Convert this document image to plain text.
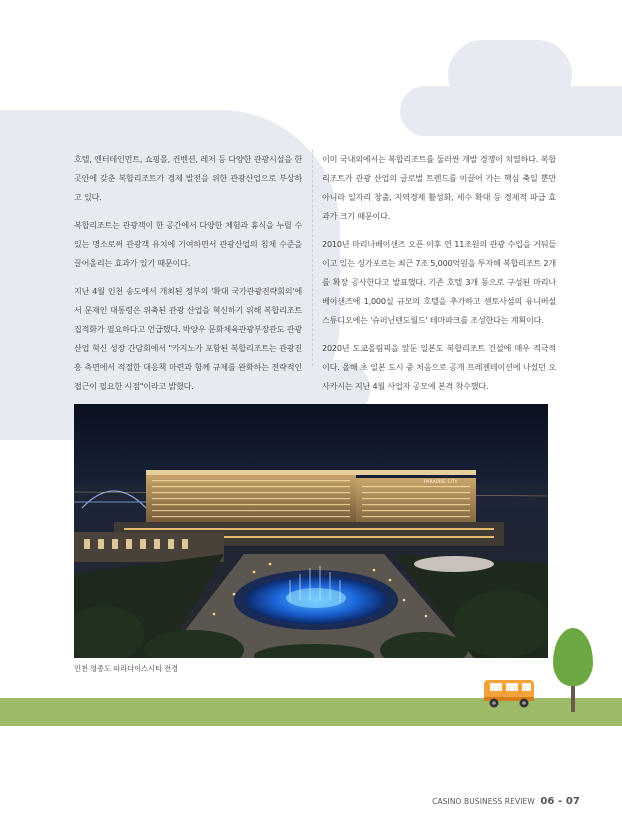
호텔, 엔터테인먼트, 쇼핑몰, 컨벤션, 레저 등 다양한 관광시설을 한 곳안에 갖춘 복합리조트가 경제 발전을 위한 관광산업으로 부상하고 있다.

복합리조트는 관광객이 한 공간에서 다양한 체험과 휴식을 누릴 수 있는 명소로써 관광객 유치에 기여하면서 관광산업의 침체 수준을 끌어올리는 효과가 있기 때문이다.

지난 4월 인천 송도에서 개최된 정부의 '확대 국가관광전략회의'에서 문재인 대통령은 위축된 관광 산업을 혁신하기 위해 복합리조트 집적화가 필요하다고 언급했다. 박양우 문화체육관광부장관도 관광산업 혁신 성장 간담회에서 "카지노가 포함된 복합리조트는 관광진흥 측면에서 적절한 대응책 마련과 함께 규제를 완화하는 전략적인 접근이 필요한 시점"이라고 밝혔다.

이미 국내외에서는 복합리조트를 둘러싼 개발 경쟁이 치열하다. 복합리조트가 관광 산업의 글로벌 트렌드를 이끌어 가는 핵심 축일 뿐만 아니라 일자리 창출, 지역경제 활성화, 세수 확대 등 경제적 파급 효과가 크기 때문이다.

2010년 마리나베이샌즈 오픈 이후 연 11조원의 관광 수입을 거둬들이고 있는 싱가포르는 최근 7조 5,000억원을 투자해 복합리조트 2개를 확장 공사한다고 발표했다. 기존 호텔 3개 동으로 구성된 마리나베이샌즈에 1,000실 규모의 호텔을 추가하고 센토사섬의 유니버설 스튜디오에는 '슈퍼닌텐도월드' 테마파크를 조성한다는 계획이다.

2020년 도쿄올림픽을 앞둔 일본도 복합리조트 건설에 매우 적극적이다. 올해 초 일본 도시 중 처음으로 공개 프레젠테이션에 나섰던 오사카시는 지난 4월 사업자 공모에 본격 착수했다.

PARADISE CITY
인천 영종도 파라다이스시티 전경
CASINO BUSINESS REVIEW 06 - 07
